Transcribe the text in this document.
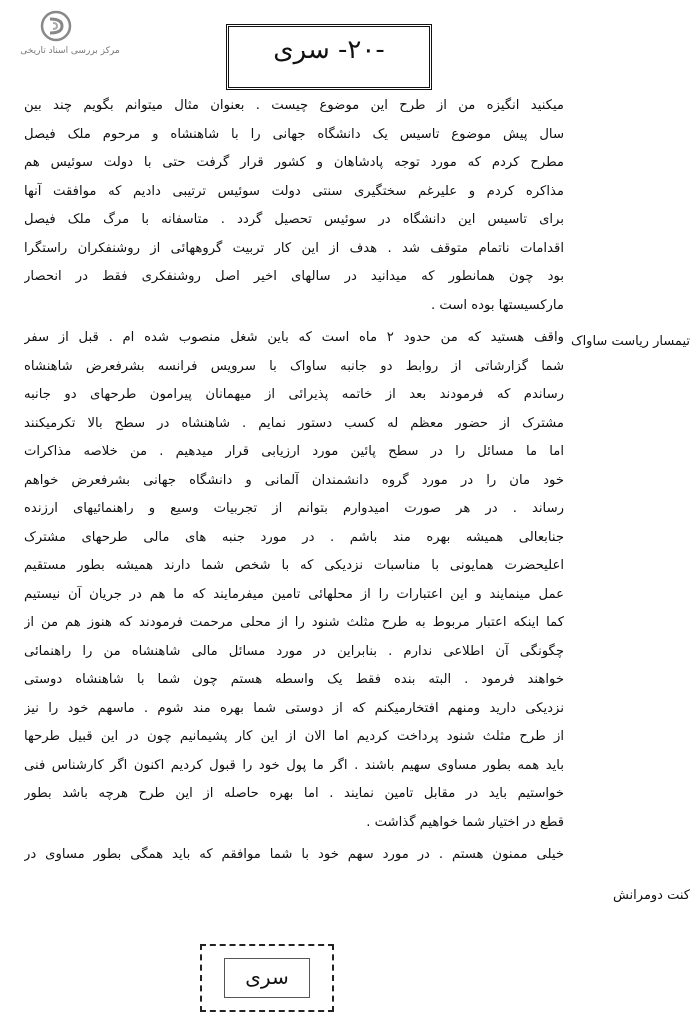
مرکز بررسی اسناد تاریخی	-۲۰- سری
تیمسار ریاست ساواک
کنت دومرانش
میکنید انگیزه من از طرح این موضوع چیست . بعنوان مثال میتوانم بگویم چند بین
سال پیش موضوع تاسیس یک دانشگاه جهانی را با شاهنشاه و مرحوم ملک فیصل
مطرح کردم که مورد توجه پادشاهان و کشور قرار گرفت حتی با دولت سوئیس هم
مذاکره کردم و علیرغم سختگیری سنتی دولت سوئیس ترتیبی دادیم که موافقت آنها
برای تاسیس این دانشگاه در سوئیس تحصیل گردد . متاسفانه با مرگ ملک فیصل
اقدامات ناتمام متوقف شد . هدف از این کار تربیت گروههائی از روشنفکران راستگرا
بود چون همانطور که میدانید در سالهای اخیر اصل روشنفکری فقط در انحصار
مارکسیستها بوده است .
واقف هستید که من حدود ۲ ماه است که باین شغل منصوب شده ام . قبل از سفر
شما گزارشاتی از روابط دو جانبه ساواک با سرویس فرانسه بشرفعرض شاهنشاه
رساندم که فرمودند بعد از خاتمه پذیرائی از میهمانان پیرامون طرحهای دو جانبه
مشترک از حضور معظم له کسب دستور نمایم . شاهنشاه در سطح بالا تکرمیکنند
اما ما مسائل را در سطح پائین مورد ارزیابی قرار میدهیم . من خلاصه مذاکرات
خود مان را در مورد گروه دانشمندان آلمانی و دانشگاه جهانی بشرفعرض خواهم
رساند . در هر صورت امیدوارم بتوانم از تجربیات وسیع و راهنمائیهای ارزنده
جنابعالی همیشه بهره مند باشم . در مورد جنبه های مالی طرحهای مشترک
اعلیحضرت همایونی با مناسبات نزدیکی که با شخص شما دارند همیشه بطور مستقیم
عمل مینمایند و این اعتبارات را از محلهائی تامین میفرمایند که ما هم در جریان آن نیستیم
کما اینکه اعتبار مربوط به طرح مثلث شنود را از محلی مرحمت فرمودند که هنوز هم من از
چگونگی آن اطلاعی ندارم . بنابراین در مورد مسائل مالی شاهنشاه من را راهنمائی
خواهند فرمود . البته بنده فقط یک واسطه هستم چون شما با شاهنشاه دوستی
نزدیکی دارید ومنهم افتخارمیکنم که از دوستی شما بهره مند شوم . ماسهم خود را نیز
از طرح مثلث شنود پرداخت کردیم اما الان از این کار پشیمانیم چون در این قبیل طرحها
باید همه بطور مساوی سهیم باشند . اگر ما پول خود را قبول کردیم اکنون اگر کارشناس فنی
خواستیم باید در مقابل تامین نمایند . اما بهره حاصله از این طرح هرچه باشد بطور
قطع در اختیار شما خواهیم گذاشت .
خیلی ممنون هستم . در مورد سهم خود با شما موافقم که باید همگی بطور مساوی در
سری
